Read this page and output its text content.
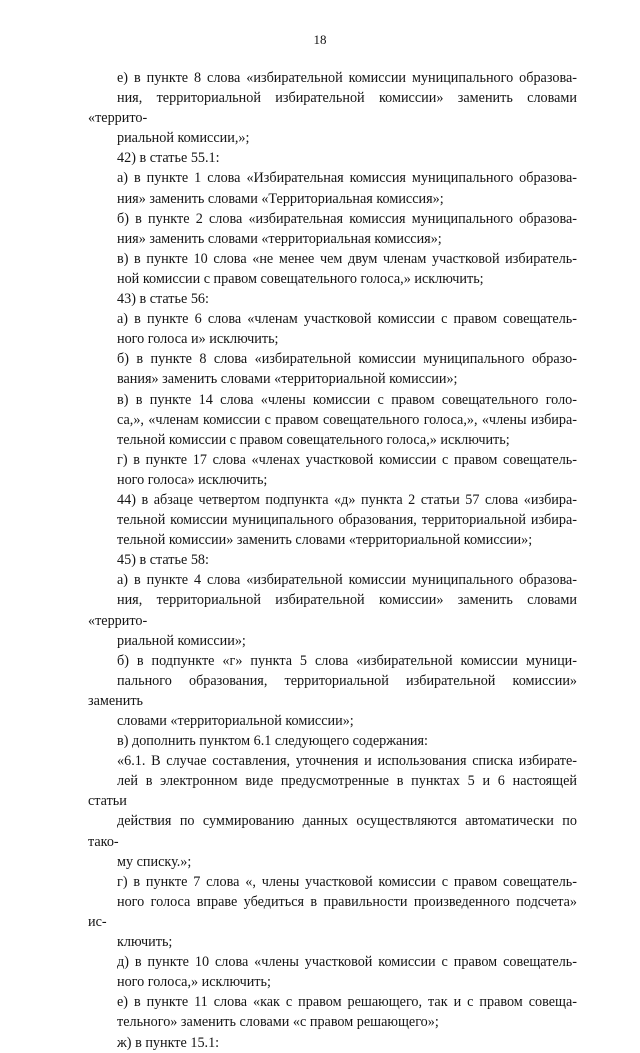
18

е) в пункте 8 слова «избирательной комиссии муниципального образова-
ния, территориальной избирательной комиссии» заменить словами «террито-
риальной комиссии,»;

42) в статье 55.1:

а) в пункте 1 слова «Избирательная комиссия муниципального образова-
ния» заменить словами «Территориальная комиссия»;

б) в пункте 2 слова «избирательная комиссия муниципального образова-
ния» заменить словами «территориальная комиссия»;

в) в пункте 10 слова «не менее чем двум членам участковой избиратель-
ной комиссии с правом совещательного голоса,» исключить;

43) в статье 56:

а) в пункте 6 слова «членам участковой комиссии с правом совещатель-
ного голоса и» исключить;

б) в пункте 8 слова «избирательной комиссии муниципального образо-
вания» заменить словами «территориальной комиссии»;

в) в пункте 14 слова «члены комиссии с правом совещательного голо-
са,», «членам комиссии с правом совещательного голоса,», «члены избира-
тельной комиссии с правом совещательного голоса,» исключить;

г) в пункте 17 слова «членах участковой комиссии с правом совещатель-
ного голоса» исключить;

44) в абзаце четвертом подпункта «д» пункта 2 статьи 57 слова «избира-
тельной комиссии муниципального образования, территориальной избира-
тельной комиссии» заменить словами «территориальной комиссии»;

45) в статье 58:

а) в пункте 4 слова «избирательной комиссии муниципального образова-
ния, территориальной избирательной комиссии» заменить словами «террито-
риальной комиссии»;

б) в подпункте «г» пункта 5 слова «избирательной комиссии муници-
пального образования, территориальной избирательной комиссии» заменить
словами «территориальной комиссии»;

в) дополнить пунктом 6.1 следующего содержания:

«6.1. В случае составления, уточнения и использования списка избирате-
лей в электронном виде предусмотренные в пунктах 5 и 6 настоящей статьи
действия по суммированию данных осуществляются автоматически по тако-
му списку.»;

г) в пункте 7 слова «, члены участковой комиссии с правом совещатель-
ного голоса вправе убедиться в правильности произведенного подсчета» ис-
ключить;

д) в пункте 10 слова «члены участковой комиссии с правом совещатель-
ного голоса,» исключить;

е) в пункте 11 слова «как с правом решающего, так и с правом совеща-
тельного» заменить словами «с правом решающего»;

ж) в пункте 15.1:
